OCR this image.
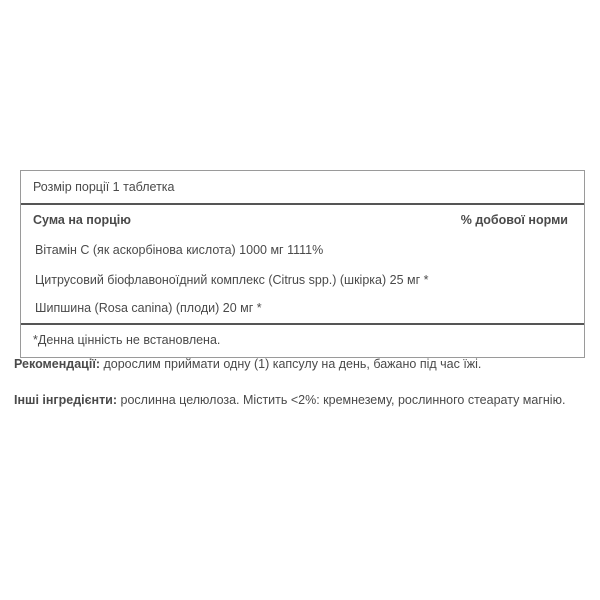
Розмір порції 1 таблетка
Сума на порцію	% добової норми
Вітамін С (як аскорбінова кислота) 1000 мг 1111%
Цитрусовий біофлавоноїдний комплекс (Citrus spp.) (шкірка) 25 мг *
Шипшина (Rosa canina) (плоди) 20 мг *
*Денна цінність не встановлена.
Рекомендації: дорослим приймати одну (1) капсулу на день, бажано під час їжі.
Інші інгредієнти: рослинна целюлоза. Містить <2%: кремнезему, рослинного стеарату магнію.
